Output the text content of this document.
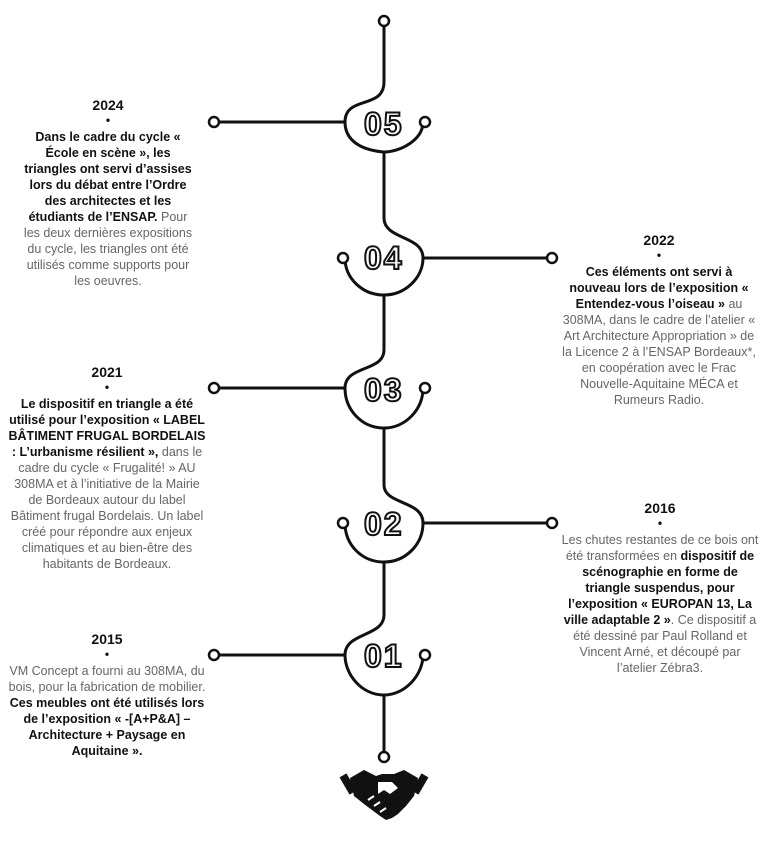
05
04
03
02
01
2024
•
Dans le cadre du cycle « École en scène », les triangles ont servi d’assises lors du débat entre l’Ordre des architectes et les étudiants de l’ENSAP. Pour les deux dernières expositions du cycle, les triangles ont été utilisés comme supports pour les oeuvres.
2022
•
Ces éléments ont servi à nouveau lors de l’exposition « Entendez-vous l’oiseau » au 308MA, dans le cadre de l’atelier « Art Architecture Appropriation » de la Licence 2 à l’ENSAP Bordeaux*, en coopération avec le Frac Nouvelle-Aquitaine MÉCA et Rumeurs Radio.
2021
•
Le dispositif en triangle a été utilisé pour l’exposition « LABEL BÂTIMENT FRUGAL BORDELAIS : L’urbanisme résilient », dans le cadre du cycle « Frugalité! » AU 308MA et à l’initiative de la Mairie de Bordeaux autour du label Bâtiment frugal Bordelais. Un label créé pour répondre aux enjeux climatiques et au bien-être des habitants de Bordeaux.
2016
•
Les chutes restantes de ce bois ont été transformées en dispositif de scénographie en forme de triangle suspendus, pour l’exposition « EUROPAN 13, La ville adaptable 2 ». Ce dispositif a été dessiné par Paul Rolland et Vincent Arné, et découpé par l’atelier Zébra3.
2015
•
VM Concept a fourni au 308MA, du bois, pour la fabrication de mobilier. Ces meubles ont été utilisés lors de l’exposition « -[A+P&A] – Architecture + Paysage en Aquitaine ».
